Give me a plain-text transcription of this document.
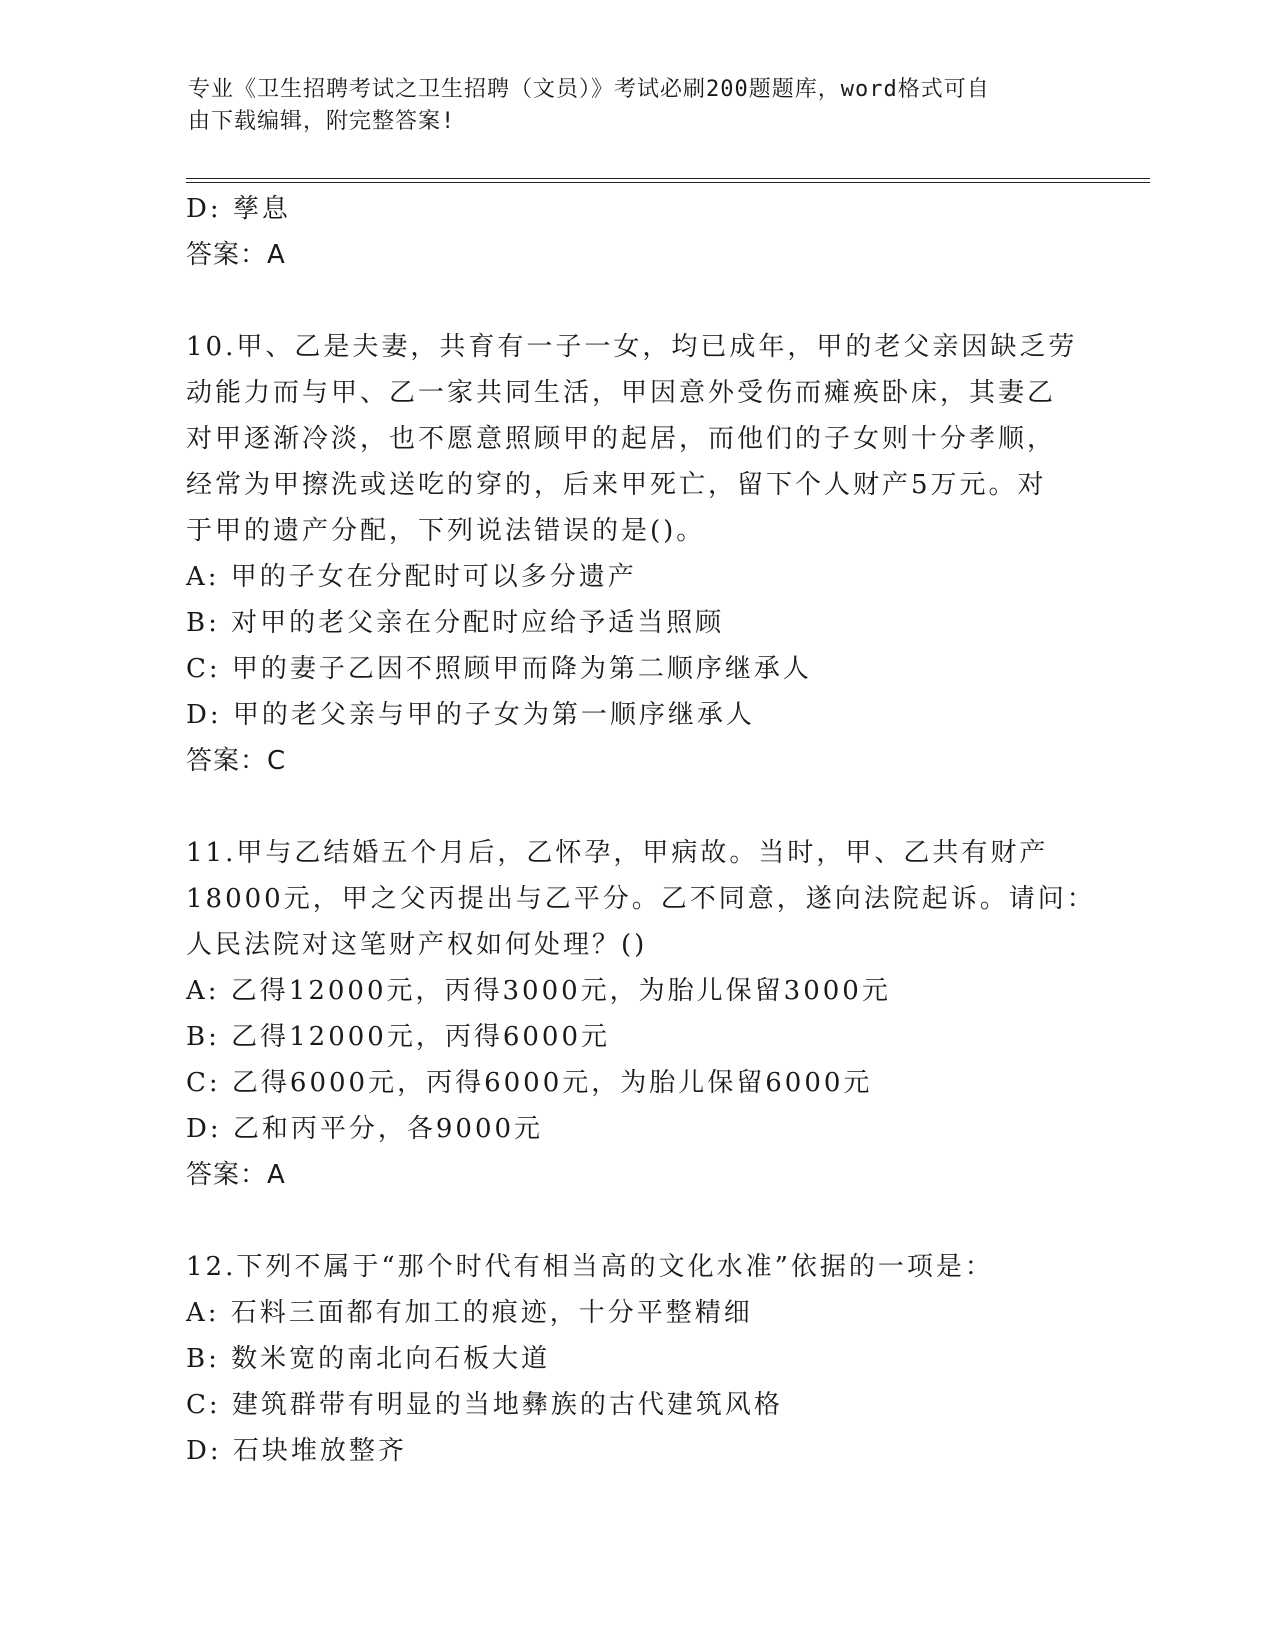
专业《卫生招聘考试之卫生招聘（文员）》考试必刷200题题库，word格式可自
由下载编辑，附完整答案!
D: 孳息
答案：A
10.甲、乙是夫妻，共育有一子一女，均已成年，甲的老父亲因缺乏劳
动能力而与甲、乙一家共同生活，甲因意外受伤而瘫痪卧床，其妻乙
对甲逐渐冷淡，也不愿意照顾甲的起居，而他们的子女则十分孝顺，
经常为甲擦洗或送吃的穿的，后来甲死亡，留下个人财产5万元。对
于甲的遗产分配，下列说法错误的是()。
A: 甲的子女在分配时可以多分遗产
B: 对甲的老父亲在分配时应给予适当照顾
C: 甲的妻子乙因不照顾甲而降为第二顺序继承人
D: 甲的老父亲与甲的子女为第一顺序继承人
答案：C
11.甲与乙结婚五个月后，乙怀孕，甲病故。当时，甲、乙共有财产
18000元，甲之父丙提出与乙平分。乙不同意，遂向法院起诉。请问：
人民法院对这笔财产权如何处理？()
A: 乙得12000元，丙得3000元，为胎儿保留3000元
B: 乙得12000元，丙得6000元
C: 乙得6000元，丙得6000元，为胎儿保留6000元
D: 乙和丙平分，各9000元
答案：A
12.下列不属于“那个时代有相当高的文化水准”依据的一项是：
A: 石料三面都有加工的痕迹，十分平整精细
B: 数米宽的南北向石板大道
C: 建筑群带有明显的当地彝族的古代建筑风格
D: 石块堆放整齐
